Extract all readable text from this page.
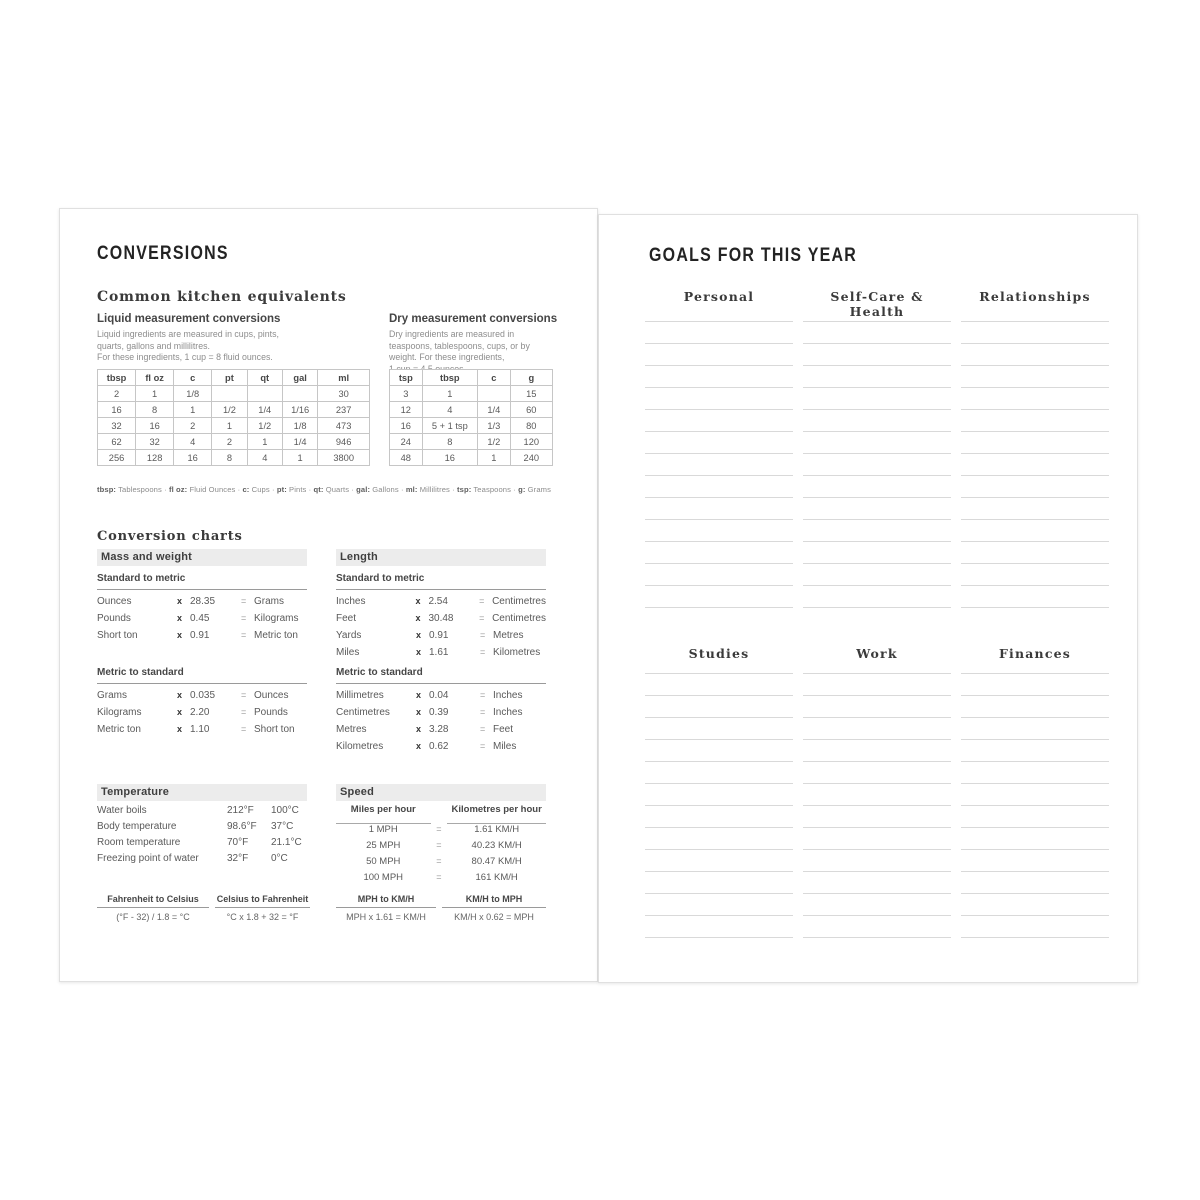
CONVERSIONS
Common kitchen equivalents
Liquid measurement conversions
Liquid ingredients are measured in cups, pints,
quarts, gallons and millilitres.
For these ingredients, 1 cup = 8 fluid ounces.
Dry measurement conversions
Dry ingredients are measured in
teaspoons, tablespoons, cups, or by
weight. For these ingredients,
tbsp	fl oz	c	pt	qt	gal	ml
2	1	1/8				30
16	8	1	1/2	1/4	1/16	237
32	16	2	1	1/2	1/8	473
62	32	4	2	1	1/4	946
256	128	16	8	4	1	3800
tsp	tbsp	c	g
3	1		15
12	4	1/4	60
16	5 + 1 tsp	1/3	80
24	8	1/2	120
48	16	1	240
tbsp: Tablespoons · fl oz: Fluid Ounces · c: Cups · pt: Pints · qt: Quarts · gal: Gallons · ml: Millilitres · tsp: Teaspoons · g: Grams
Conversion charts
Mass and weight
Standard to metric
Ounces	x 28.35	= Grams
Pounds	x 0.45	= Kilograms
Short ton	x 0.91	= Metric ton
Metric to standard
Grams	x 0.035	= Ounces
Kilograms	x 2.20	= Pounds
Metric ton	x 1.10	= Short ton
Temperature
Water boils	212°F	100°C
Body temperature	98.6°F	37°C
Room temperature	70°F	21.1°C
Freezing point of water	32°F	0°C
Fahrenheit to Celsius
(°F - 32) / 1.8 = °C
Celsius to Fahrenheit
°C x 1.8 + 32 = °F
Length
Standard to metric
Inches	x 2.54	= Centimetres
Feet	x 30.48	= Centimetres
Yards	x 0.91	= Metres
Miles	x 1.61	= Kilometres
Metric to standard
Millimetres	x 0.04	= Inches
Centimetres	x 0.39	= Inches
Metres	x 3.28	= Feet
Kilometres	x 0.62	= Miles
Speed
Miles per hour	Kilometres per hour
1 MPH	=	1.61 KM/H
25 MPH	=	40.23 KM/H
50 MPH	=	80.47 KM/H
100 MPH	=	161 KM/H
MPH to KM/H
MPH x 1.61 = KM/H
KM/H to MPH
KM/H x 0.62 = MPH
GOALS FOR THIS YEAR
Personal	Self-Care & Health
Relationships
Studies	Work	Finances
